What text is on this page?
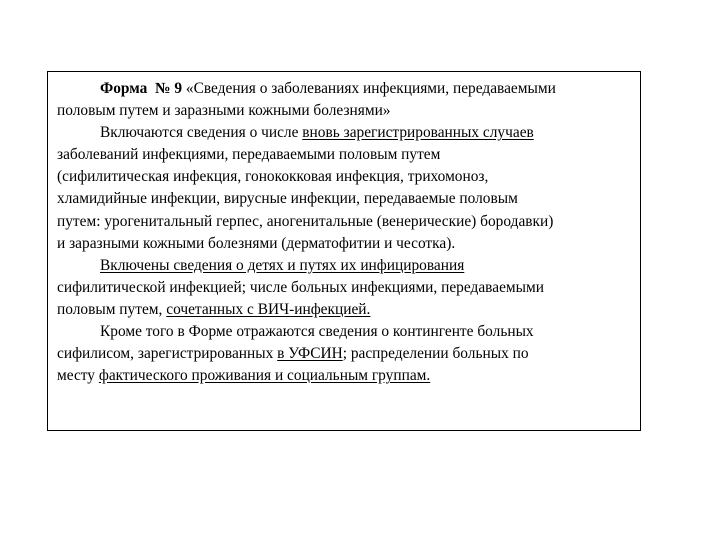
Форма № 9 «Сведения о заболеваниях инфекциями, передаваемыми
половым путем и заразными кожными болезнями»
Включаются сведения о числе вновь зарегистрированных случаев
заболеваний инфекциями, передаваемыми половым путем
(сифилитическая инфекция, гонококковая инфекция, трихомоноз,
хламидийные инфекции, вирусные инфекции, передаваемые половым
путем: урогенитальный герпес, аногенитальные (венерические) бородавки)
и заразными кожными болезнями (дерматофитии и чесотка).
Включены сведения о детях и путях их инфицирования
сифилитической инфекцией; числе больных инфекциями, передаваемыми
половым путем, сочетанных с ВИЧ-инфекцией.
Кроме того в Форме отражаются сведения о контингенте больных
сифилисом, зарегистрированных в УФСИН; распределении больных по
месту фактического проживания и социальным группам.
